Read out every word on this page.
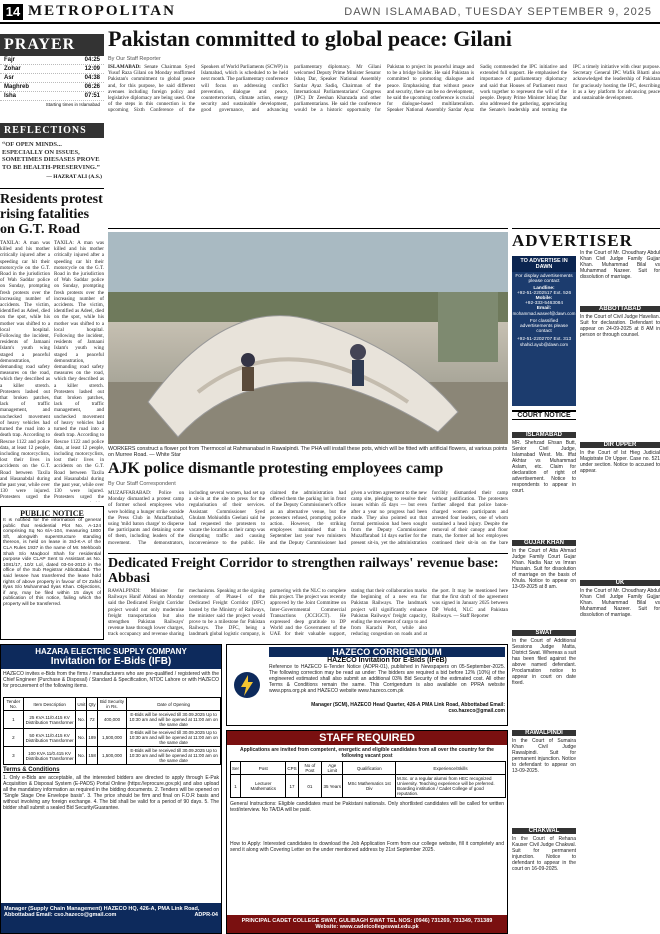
14 METROPOLITAN	DAWN ISLAMABAD, TUESDAY SEPTEMBER 9, 2025
PRAYER
Fajr	04:25
Zohar	12:09
Asr	04:38
Maghreb	06:26
Isha	07:51
Starting times in Islamabad
REFLECTIONS
“OF OPEN MINDS... ESPECIALLY ON ISSUES, SOMETIMES DIESASES PROVE TO BE HEALTH-PRESERVING.”
— HAZRAT ALI (A.S.)
Residents protest rising fatalities on G.T. Road
TAXILA: A man was killed and his mother critically injured after a speeding car hit their motorcycle on the G.T. Road in the jurisdiction of Wah Saddar police on Sunday, prompting fresh protests over the increasing number of accidents. The victim, identified as Adeel, died on the spot, while his mother was shifted to a local hospital. Following the incident, residents of Jamaani Islam's youth wing staged a peaceful demonstration, demanding road safety measures on the road, which they described as a killer stretch. Protesters lashed out that broken patches, lack of traffic management, and unchecked movement of heavy vehicles had turned the road into a death trap. According to Rescue 1122 and police data, at least 12 people, including motorcyclists, lost their lives in accidents on the G.T. Road between Taxila and Hasanabdal during the past year, while over 130 were injured. Protesters urged the
TAXILA: A man was killed and his mother critically injured after a speeding car hit their motorcycle on the G.T. Road in the jurisdiction of Wah Saddar police on Sunday, prompting fresh protests over the increasing number of accidents. The victim, identified as Adeel, died on the spot, while his mother was shifted to a local hospital. Following the incident, residents of Jamaani Islam's youth wing staged a peaceful demonstration, demanding road safety measures on the road, which they described as a killer stretch. Protesters lashed out that broken patches, lack of traffic management, and unchecked movement of heavy vehicles had turned the road into a death trap. According to Rescue 1122 and police data, at least 12 people, including motorcyclists, lost their lives in accidents on the G.T. Road between Taxila and Hasanabdal during the past year, while over 130 were injured. Protesters urged the
Pakistan committed to global peace: Gilani
By Our Staff Reporter
ISLAMABAD: Senate Chairman Syed Yusuf Raza Gilani on Monday reaffirmed Pakistan's commitment to global peace and, for this purpose, he said different avenues including foreign policy and legislative diplomacy are being used. One of the steps in this connection is the upcoming Sixth Conference of the Speakers of World Parliaments (SCWP) in Islamabad, which is scheduled to be held next month. The parliamentary conference will focus on addressing conflict prevention, dialogue and peace, counterterrorism, climate action, energy security and sustainable development, good governance, and advancing parliamentary diplomacy. Mr Gilani welcomed Deputy Prime Minister Senator Ishaq Dar, Speaker National Assembly Sardar Ayaz Sadiq, Chairman of the International Parliamentarians' Congress (IPC) Dr Zeeshan Khanzada and other parliamentarians. He said the conference would be a historic opportunity for Pakistan to project its peaceful image and to be a bridge builder. He said Pakistan is committed to promoting dialogue and peace. Emphasising that without peace and security, there can be no development, he said the upcoming conference is crucial for dialogue-based multilateralism. Speaker National Assembly Sardar Ayaz Sadiq commended the IPC initiative and extended full support. He emphasised the importance of parliamentary diplomacy and said that Houses of Parliament must work together to represent the will of the people. Deputy Prime Minister Ishaq Dar also addressed the gathering, appreciating the Senate's leadership and terming the IPC a timely initiative with clear purpose. Secretary General IPC Wafik Bhatti also acknowledged the leadership of Pakistan for graciously hosting the IPC, describing it as a key platform for advancing peace and sustainable development.
ADVERTISER
TO ADVERTISE IN DAWN
For display advertisements please contact
Landline:
+92-51-2202517 Ext. 526
Mobile:
+92-333-5463084
Email:
mohammad.waseef@dawn.com
For classified advertisements please contact
+92-51-2202707 Ext. 313
shahid.ayub@dawn.com
COURT NOTICE
ISLAMABAD
MR. Shehzad Ehsan Butt, Senior Civil Judge, Islamabad West. Ms. Iffat Akhtar vs Muhammad Aslam, etc. Claim for declaration of right of advertisement. Notice to respondents to appear in court.
GUJAR KHAN
In the Court of Atta Ahmad Judge Family Court Gujar Khan. Nadia Naz vs Imran Hussain. Suit for dissolution of marriage on the basis of Khula. Notice to appear on 13-09-2025 at 8 am.
SWAT
In the Court of Additional Sessions Judge Matta, District Swat. Whereas a suit has been filed against the above named defendant. Proclamation notice to appear in court on date fixed.
RAWALPINDI
In the Court of Sumaira Khan Civil Judge Rawalpindi. Suit for permanent injunction. Notice to defendant to appear on 13-09-2025.
CHAKWAL
In the Court of Rehana Kauser Civil Judge Chakwal. Suit for permanent injunction. Notice to defendant to appear in the court on 16-09-2025.
In the Court of Mr. Choudhary Abdul Khan Civil Judge Family Gujjar Khan. Muhammad Bilal vs Muhammad Nazeer. Suit for dissolution of marriage.
ABBOTTABAD
In the Court of Civil Judge Havelian. Suit for declaration. Defendant to appear on 24-09-2025 at 8 AM in person or through counsel.
DIR UPPER
In the Court of Ist Hieg Judicial Magistrate Dir Upper. Case no. 521 under section. Notice to accused to appear.
UK
In the Court of Mr. Choudhary Abdul Khan Civil Judge Family Gujjar Khan. Muhammad Bilal vs Muhammad Nazeer. Suit for dissolution of marriage.
WORKERS construct a flower pot from Thermocol at Rahmanabad in Rawalpindi. The PHA will install these pots, which will be fitted with artificial flowers, at various points on Murree Road. — White Star
AJK police dismantle protesting employees camp
By Our Staff Correspondent
MUZAFFARABAD: Police on Monday dismantled a protest camp of former school employees who were holding a hunger strike outside the Press Club in Muzaffarabad, using 'mild baton charge' to disperse the participants and detaining some of them, including leaders of the movement. The demonstrators, including several women, had set up a sit-in at the site to press for the regularisation of their services. Assistant Commissioner Syed Ghulam Mohiuddin Geelani said he had requested the protesters to vacate the location as their camp was disrupting traffic and causing inconvenience to the public. He claimed the administration had offered them the parking lot in front of the Deputy Commissioner's office as an alternative venue, but the protesters refused, prompting police action. However, the striking employees maintained that in September last year two ministers and the Deputy Commissioner had given a written agreement to the new camp site, pledging to resolve their issues within 45 days — but even after a year no progress had been made. They also pointed out that formal permission had been sought from the Deputy Commissioner Muzaffarabad 14 days earlier for the present sit-in, yet the administration forcibly dismantled their camp without justification. The protesters further alleged that police baton-charged women participants and arrested four leaders, one of whom sustained a head injury. Despite the removal of their canopy and floor mats, the former ad hoc employees continued their sit-in on the bare
PUBLIC NOTICE
It is notified for the information of general public that residential Plot No. A-124 comprising Sq No 6/A-104, measuring 1800 Sft, alongwith superstructure standing thereon, is held on lease in 3rd-K-A of the CLA Rules 1937 in the name of Mr. Mehboob Shah S/o Maqbool Shah for residential purpose vide CLAP Sent to Assistant as No. 1081/17, 10/2 Lol, dated 03-04-2010 in the office of the Sub Registrar Abbottabad. The said lessee has transferred the lease hold rights of above property in favour of Dr Zahid Ilyas S/o Muhammad Ilyas Khan. Objections, if any, may be filed within 15 days of publication of this notice, failing which the property will be transferred.
Dedicated Freight Corridor to strengthen railways' revenue base: Abbasi
RAWALPINDI: Minister for Railways Hanif Abbasi on Monday said the Dedicated Freight Corridor project would not only modernise freight transportation but also strengthen Pakistan Railways' revenue base through lower charges, track occupancy and revenue sharing mechanisms. Speaking at the signing ceremony of Phase-I of the Dedicated Freight Corridor (DFC) hosted by the Ministry of Railways, the minister said the project would prove to be a milestone for Pakistan Railways. The DFC, being a landmark global logistic company, is partnering with the NLC to complete this project. The project was recently approved by the Joint Committee on Inter-Governmental Commercial Transactions (JCCIGCT). He expressed deep gratitude to DP World and the Government of the UAE for their valuable support, stating that their collaboration marks the beginning of a new era for Pakistan Railways. The landmark project will significantly enhance Pakistan Railways' freight capacity, ending the movement of cargo to and from Karachi Port, while also reducing congestion on roads and at the port. It may be mentioned here that the first draft of the agreement was signed in January 2025 between DP World, NLC and Pakistan Railways. — Staff Reporter
HAZARA ELECTRIC SUPPLY COMPANY
Invitation for E-Bids (IFB)
HAZECO invites e-Bids from the firms / manufacturers who are pre-qualified / registered with the Chief Engineer (Purchase & Disposal) / Standard & Specification, NTDC Lahore or with HAZECO for procurement of the following items.
Tender No.	Item Description	Unit	Qty	Bid Security in Rs.	Date of Opening
1	25 KVA 11/0.415 KV Distribution Transformer	No.	72	400,000	E-Bids will be received till 30.09.2025 Up to 10:30 am and will be opened at 11:00 am on the same date
2	50 KVA 11/0.415 KV Distribution Transformer	No.	189	1,500,000	E-Bids will be received till 30.09.2025 Up to 10:30 am and will be opened at 11:00 am on the same date
3	100 KVA 11/0.415 KV Distribution Transformer	No.	158	1,500,000	E-Bids will be received till 30.09.2025 Up to 10:30 am and will be opened at 11:00 am on the same date
Terms & Conditions
1. Only e-Bids are acceptable, all the interested bidders are directed to apply through E-Pak Acquisition & Disposal System (E-PADS) Portal Online (https://eprocure.gov.pk) and also upload all the mandatory information as required in the bidding documents. 2. Tenders will be opened on “Single Stage One Envelope basis”. 3. The price should be firm and final on F.O.R basis and without involving any foreign exchange. 4. The bid shall be valid for a period of 90 days. 5. The bidder shall submit a sealed Bid Security/Guarantee.
Manager (Supply Chain Management) HAZECO HQ, 426-A, PMA Link Road, Abbottabad Email: cso.hazeco@gmail.com	ADPR-04
HAZECO CORRIGENDUM
HAZECO Invitation for E-Bids (IFeB)
Reference to HAZECO E-Tender Notice (ADPR-01), published in Newspapers on 05-September-2025. The following correction may be read as under: The bidders are required a bid before 12% (10%) of the engineered estimated shall also submit an additional 03% Bid Security of the estimated cost. All other Terms & Conditions remain the same. This Corrigendum is also available on PPRA website www.ppra.org.pk and HAZECO website www.hazeco.com.pk
Manager (SCM), HAZECO Head Quarter, 426-A PMA Link Road, Abbottabad Email: cso.hazeco@gmail.com
STAFF REQUIRED
Applications are invited from competent, energetic and eligible candidates from all over the country for the following vacant post
Ser	Post	CPS	No of Post	Age Limit	Qualification	Experience/Skills
1	Lecturer Mathematics	17	01	35 Years	MSc Mathematics 1st Div	M.Sc. or a regular alumni from HEC recognized University. Teaching experience will be preferred. Boarding institution / Cadet College of good reputation.
General Instructions: Eligible candidates must be Pakistani nationals. Only shortlisted candidates will be called for written test/interview. No TA/DA will be paid.
How to Apply: Interested candidates to download the Job Application Form from our college website, fill it completely and send it along with Covering Letter on the under mentioned address by 21st September 2025.
PRINCIPAL CADET COLLEGE SWAT, GULIBAGH SWAT TEL NOS: (0946) 731269, 731349, 731389 Website: www.cadetcollegeswat.edu.pk
